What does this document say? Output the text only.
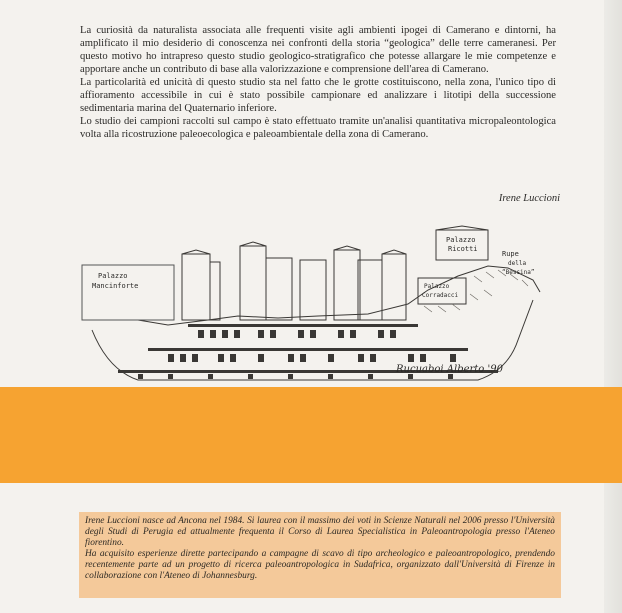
La curiosità da naturalista associata alle frequenti visite agli ambienti ipogei di Camerano e dintorni, ha amplificato il mio desiderio di conoscenza nei confronti della storia “geologica” delle terre cameranesi. Per questo motivo ho intrapreso questo studio geologico-stratigrafico che potesse allargare le mie competenze e apportare anche un contributo di base alla valorizzazione e comprensione dell'area di Camerano.

La particolarità ed unicità di questo studio sta nel fatto che le grotte costituiscono, nella zona, l'unico tipo di affioramento accessibile in cui è stato possibile campionare ed analizzare i litotipi della successione sedimentaria marina del Quaternario inferiore.

Lo studio dei campioni raccolti sul campo è stato effettuato tramite un'analisi quantitativa micropaleontologica volta alla ricostruzione paleoecologica e paleoambientale della zona di Camerano.

Irene Luccioni
Palazzo
Mancinforte
Palazzo
Ricotti
Palazzo
Corradacci
Rupe
della
“Bessina”
Rucuaboi Alberto '90

Irene Luccioni nasce ad Ancona nel 1984. Si laurea con il massimo dei voti in Scienze Naturali nel 2006 presso l'Università degli Studi di Perugia ed attualmente frequenta il Corso di Laurea Specialistica in Paleoantropologia presso l'Ateneo fiorentino.

Ha acquisito esperienze dirette partecipando a campagne di scavo di tipo archeologico e paleoantropologico, prendendo recentemente parte ad un progetto di ricerca paleoantropologica in Sudafrica, organizzato dall'Università di Firenze in collaborazione con l'Ateneo di Johannesburg.
